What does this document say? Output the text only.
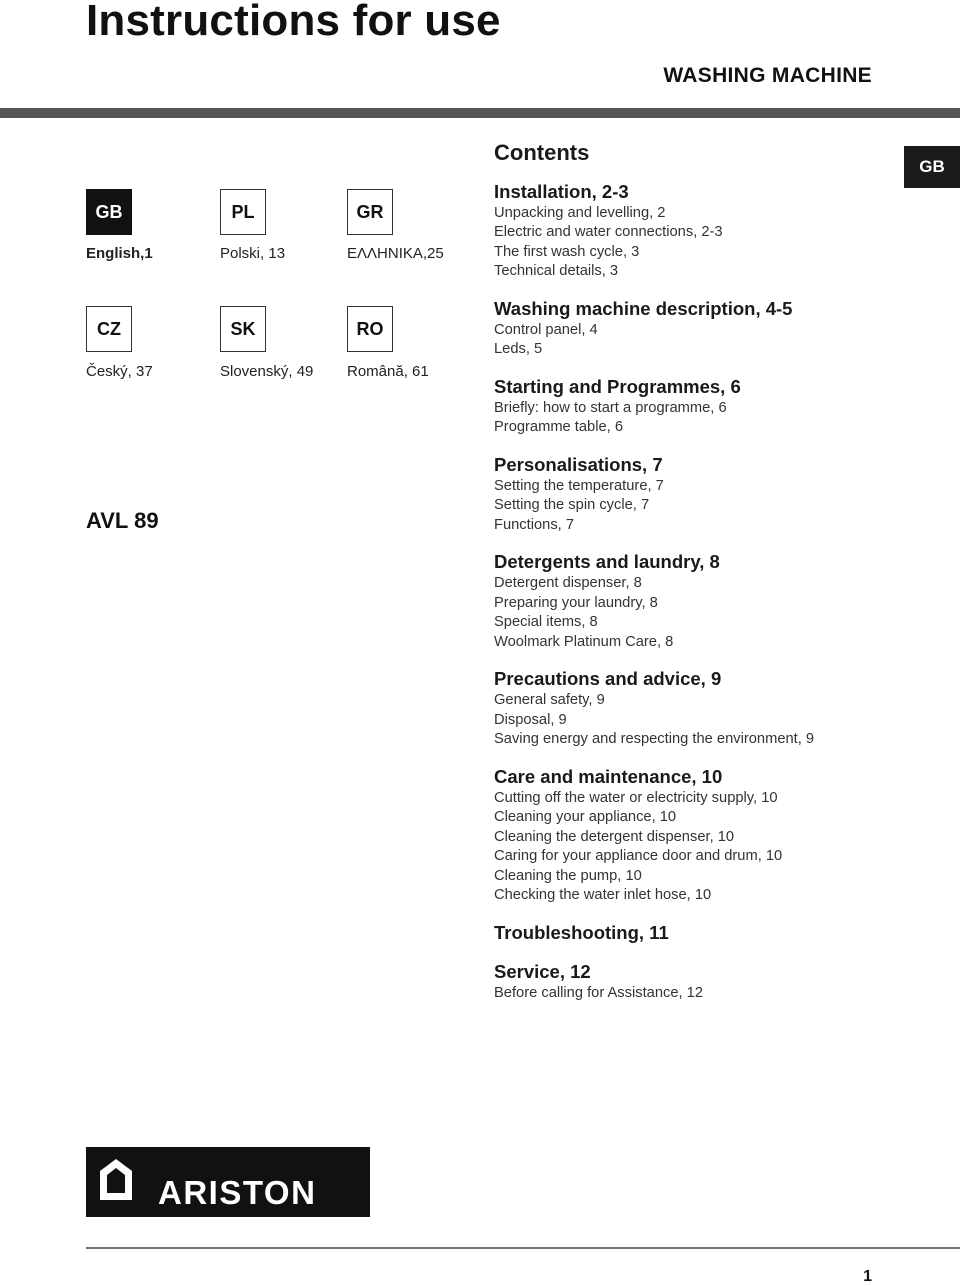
Instructions for use
WASHING MACHINE
GB
GB
English,1
PL
Polski, 13
GR
ΕΛΛΗΝΙΚΑ,25
CZ
Český, 37
SK
Slovenský, 49
RO
Română, 61
AVL 89
Contents
Installation, 2-3
Unpacking and levelling, 2
Electric and water connections, 2-3
The first wash cycle, 3
Technical details, 3
Washing machine description, 4-5
Control panel, 4
Leds, 5
Starting and Programmes, 6
Briefly: how to start a programme, 6
Programme table, 6
Personalisations, 7
Setting the temperature, 7
Setting the spin cycle, 7
Functions, 7
Detergents and laundry, 8
Detergent dispenser, 8
Preparing your laundry, 8
Special items, 8
Woolmark Platinum Care, 8
Precautions and advice, 9
General safety, 9
Disposal, 9
Saving energy and respecting the environment, 9
Care and maintenance, 10
Cutting off the water or electricity supply, 10
Cleaning your appliance, 10
Cleaning the detergent dispenser, 10
Caring for your appliance door and drum, 10
Cleaning the pump, 10
Checking the water inlet hose, 10
Troubleshooting, 11
Service, 12
Before calling for Assistance, 12
ARISTON
1
